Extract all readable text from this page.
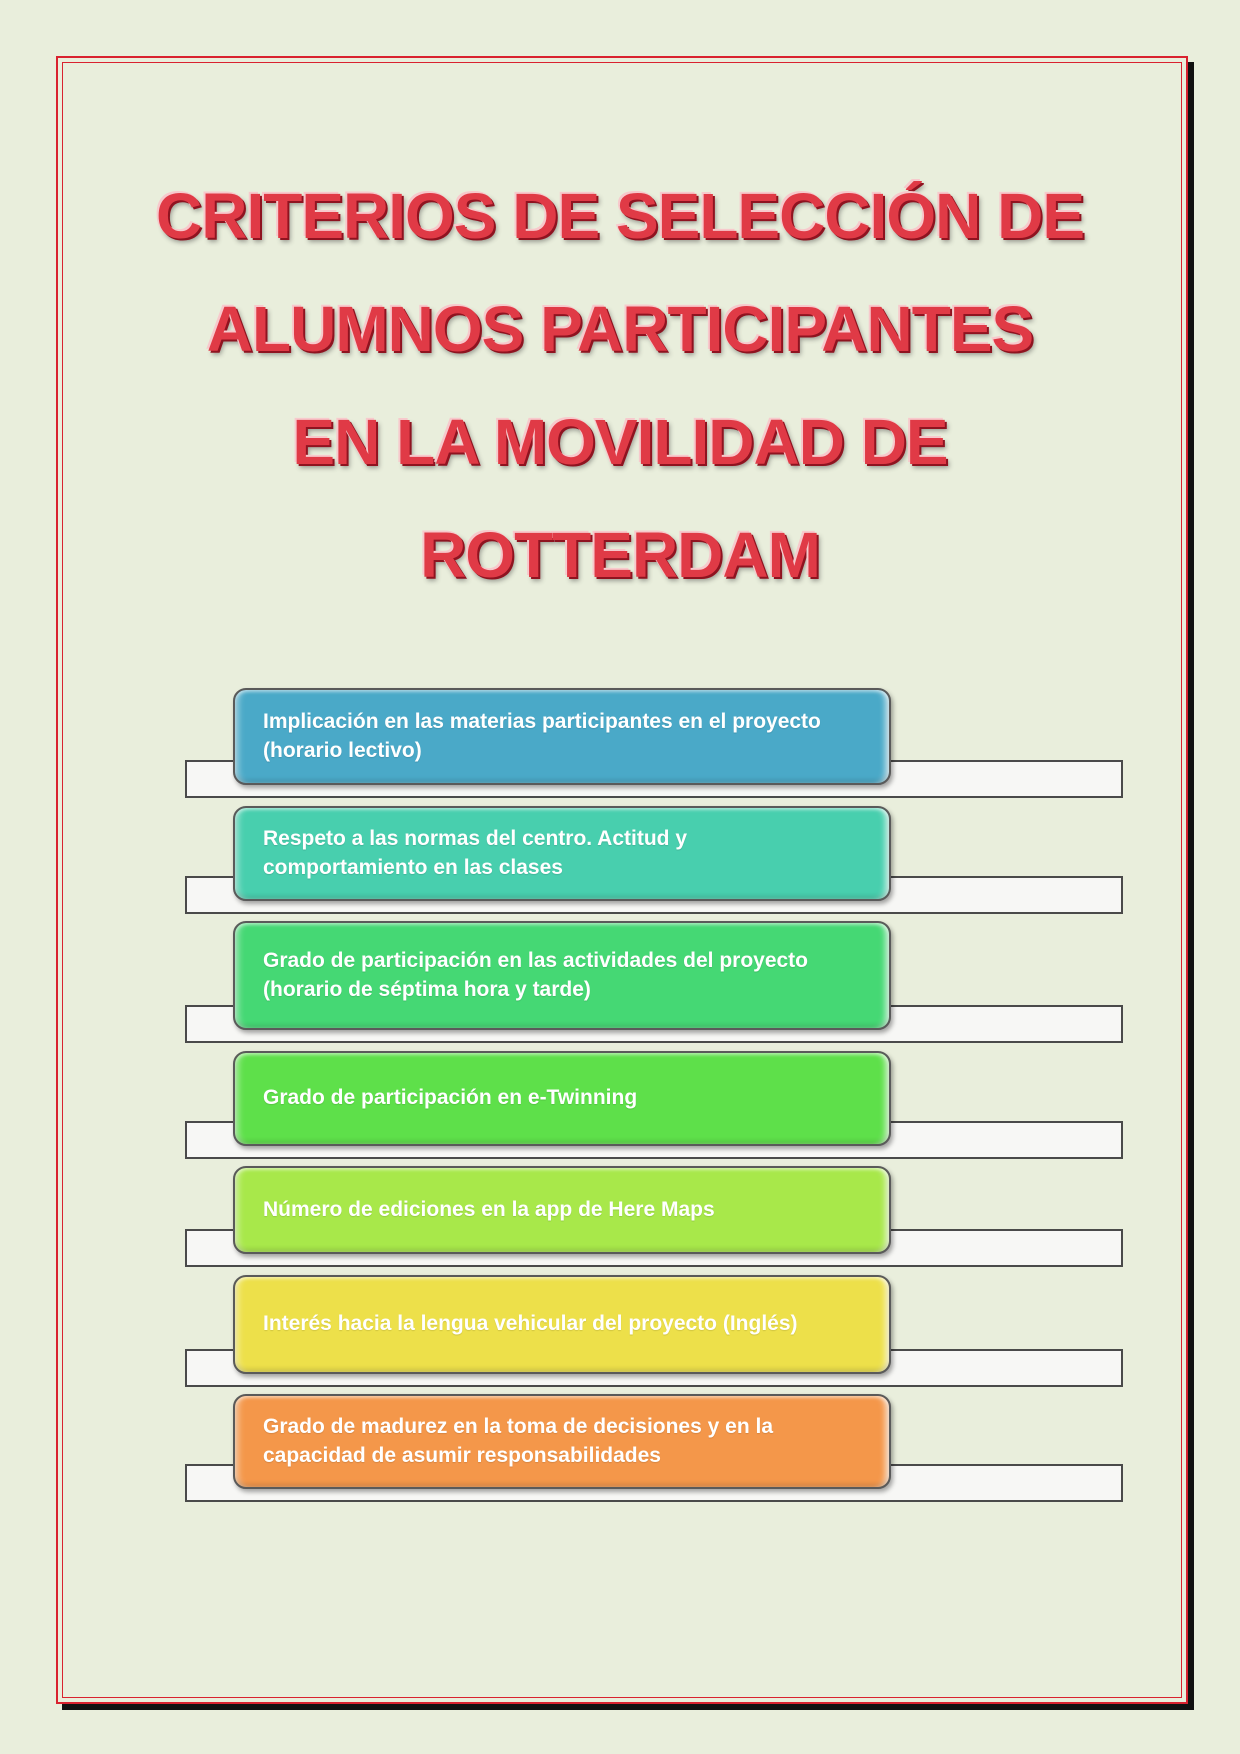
CRITERIOS DE SELECCIÓN DE
ALUMNOS PARTICIPANTES
EN LA MOVILIDAD DE
ROTTERDAM
Implicación en las materias participantes en el proyecto
(horario lectivo)
Respeto a las normas del centro. Actitud y
comportamiento en las clases
Grado de participación en las actividades del proyecto
(horario de séptima hora y tarde)
Grado de participación en e-Twinning
Número de ediciones en la app de Here Maps
Interés hacia la lengua vehicular del proyecto (Inglés)
Grado de madurez en la toma de decisiones y en la
capacidad de asumir responsabilidades
